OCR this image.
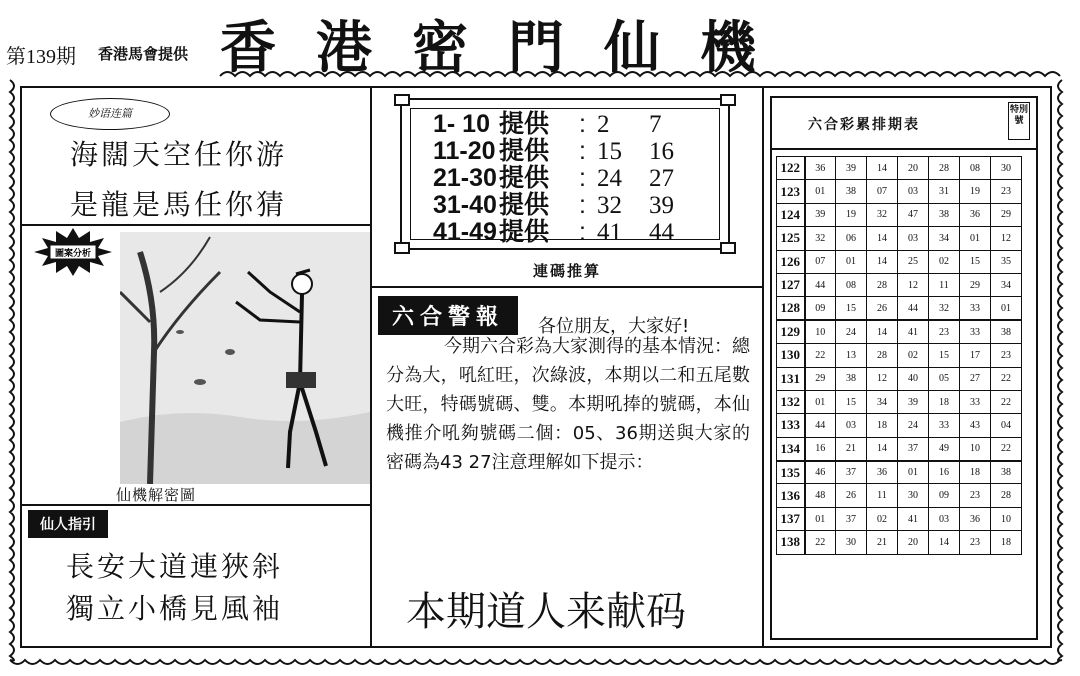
第139期 香港馬會提供 香港密門仙機
妙语连篇
海闊天空任你游
是龍是馬任你猜
圖案分析
仙機解密圖
仙人指引
長安大道連狹斜
獨立小橋見風袖
1- 10 提供 : 2 7
11-20 提供 : 15 16
21-30提供 : 24 27
31-40提供 : 32 39
41-49提供 : 41 44
連碼推算
六合警報	各位朋友，大家好!
今期六合彩為大家測得的基本情況：總分為大，吼紅旺，次綠波，本期以二和五尾數大旺，特碼號碼、雙。本期吼捧的號碼，本仙機推介吼夠號碼二個：05、36期送與大家的密碼為43 27注意理解如下提示：
本期道人来献码
六合彩累排期表
特別號
122	36	39	14	20	28	08	30
123	01	38	07	03	31	19	23
124	39	19	32	47	38	36	29
125	32	06	14	03	34	01	12
126	07	01	14	25	02	15	35
127	44	08	28	12	11	29	34
128	09	15	26	44	32	33	01
129	10	24	14	41	23	33	38
130	22	13	28	02	15	17	23
131	29	38	12	40	05	27	22
132	01	15	34	39	18	33	22
133	44	03	18	24	33	43	04
134	16	21	14	37	49	10	22
135	46	37	36	01	16	18	38
136	48	26	11	30	09	23	28
137	01	37	02	41	03	36	10
138	22	30	21	20	14	23	18
